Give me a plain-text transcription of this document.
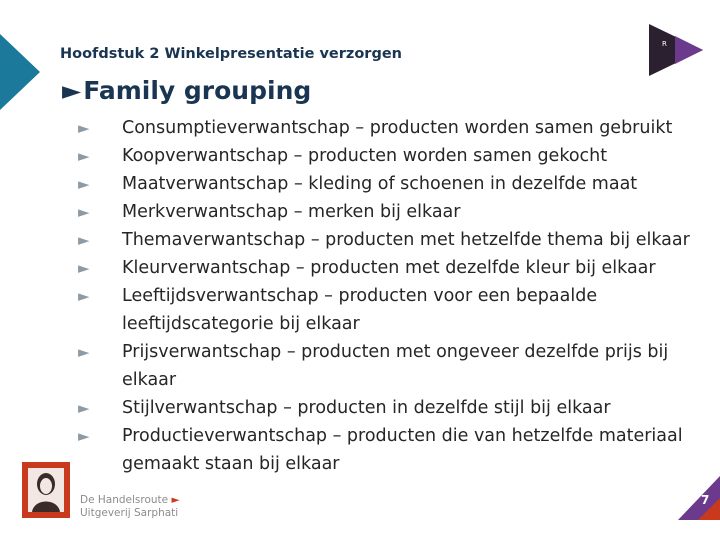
Hoofdstuk 2 Winkelpresentatie verzorgen
R
1
►Family grouping
► Consumptieverwantschap – producten worden samen gebruikt
► Koopverwantschap – producten worden samen gekocht
► Maatverwantschap – kleding of schoenen in dezelfde maat
► Merkverwantschap – merken bij elkaar
► Themaverwantschap – producten met hetzelfde thema bij elkaar
► Kleurverwantschap – producten met dezelfde kleur bij elkaar
► Leeftijdsverwantschap – producten voor een bepaalde leeftijdscategorie bij elkaar
► Prijsverwantschap – producten met ongeveer dezelfde prijs bij elkaar
► Stijlverwantschap – producten in dezelfde stijl bij elkaar
► Productieverwantschap – producten die van hetzelfde materiaal gemaakt staan bij elkaar
De Handelsroute ►
Uitgeverij Sarphati
7
